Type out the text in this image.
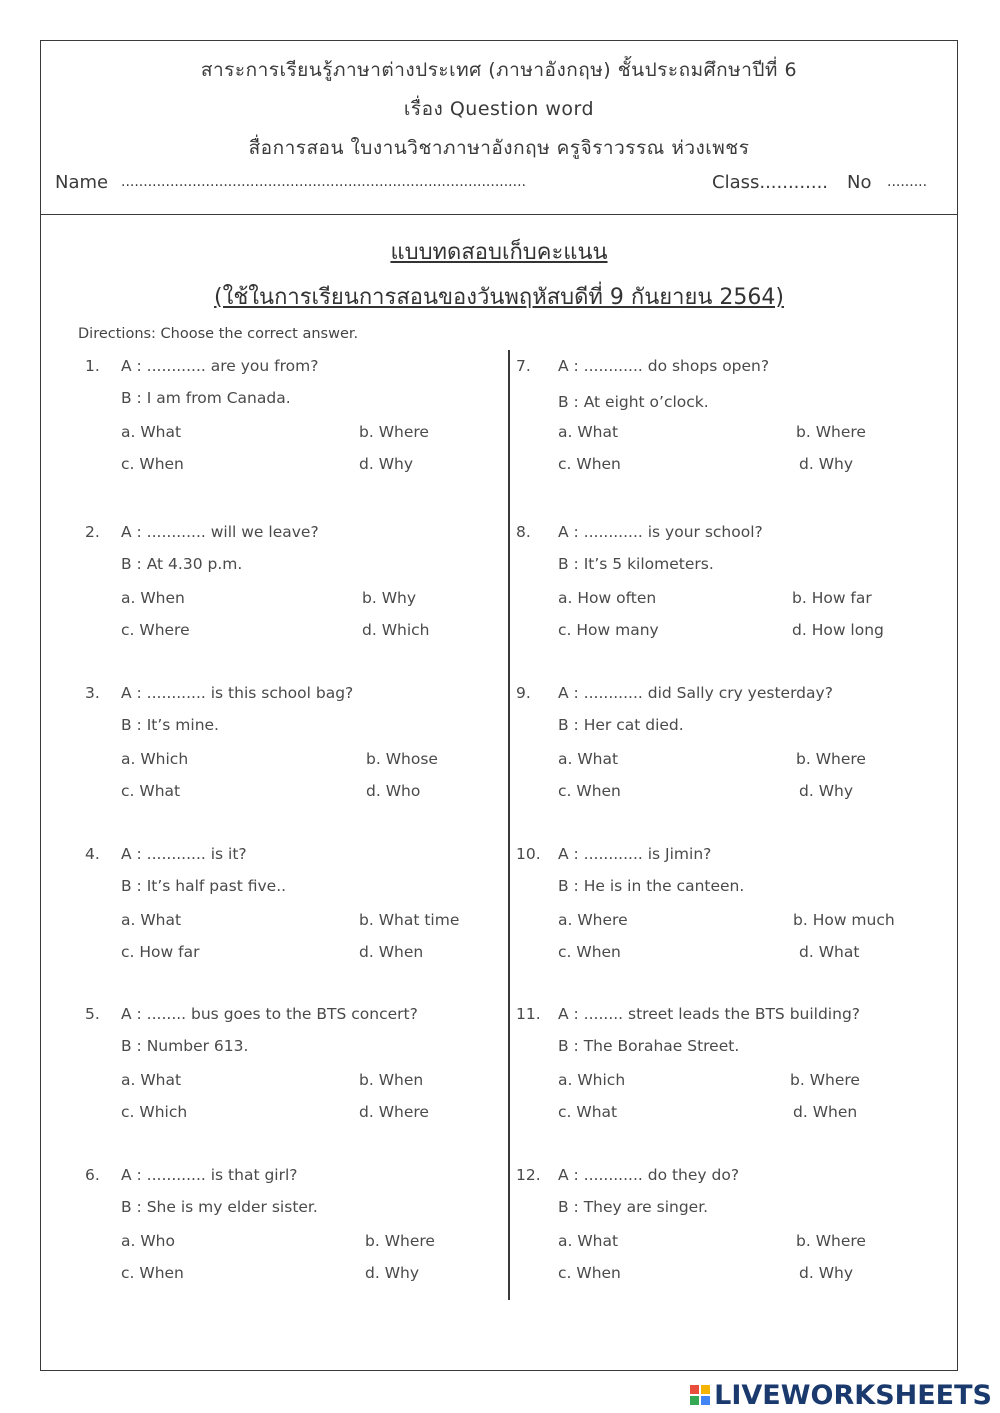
สาระการเรียนรู้ภาษาต่างประเทศ (ภาษาอังกฤษ) ชั้นประถมศึกษาปีที่ 6
เรื่อง Question word
สื่อการสอน ใบงานวิชาภาษาอังกฤษ ครูจิราวรรณ ห่วงเพชร
Name ...........................................................................................	Class............ No .........
แบบทดสอบเก็บคะแนน
(ใช้ในการเรียนการสอนของวันพฤหัสบดีที่ 9 กันยายน 2564)
Directions: Choose the correct answer.
1. A : ............ are you from?
B : I am from Canada.
a. What	b. Where
c. When	d. Why
2. A : ............ will we leave?
B : At 4.30 p.m.
a. When	b. Why
c. Where	d. Which
3. A : ............ is this school bag?
B : It’s mine.
a. Which	b. Whose
c. What	d. Who
4. A : ............ is it?
B : It’s half past five..
a. What	b. What time
c. How far	d. When
5. A : ........ bus goes to the BTS concert?
B : Number 613.
a. What	b. When
c. Which	d. Where
6. A : ............ is that girl?
B : She is my elder sister.
a. Who	b. Where
c. When	d. Why
7. A : ............ do shops open?
B : At eight o’clock.
a. What	b. Where
c. When	d. Why
8. A : ............ is your school?
B : It’s 5 kilometers.
a. How often	b. How far
c. How many	d. How long
9. A : ............ did Sally cry yesterday?
B : Her cat died.
a. What	b. Where
c. When	d. Why
10. A : ............ is Jimin?
B : He is in the canteen.
a. Where	b. How much
c. When	d. What
11. A : ........ street leads the BTS building?
B : The Borahae Street.
a. Which	b. Where
c. What	d. When
12. A : ............ do they do?
B : They are singer.
a. What	b. Where
c. When	d. Why
LIVEWORKSHEETS
